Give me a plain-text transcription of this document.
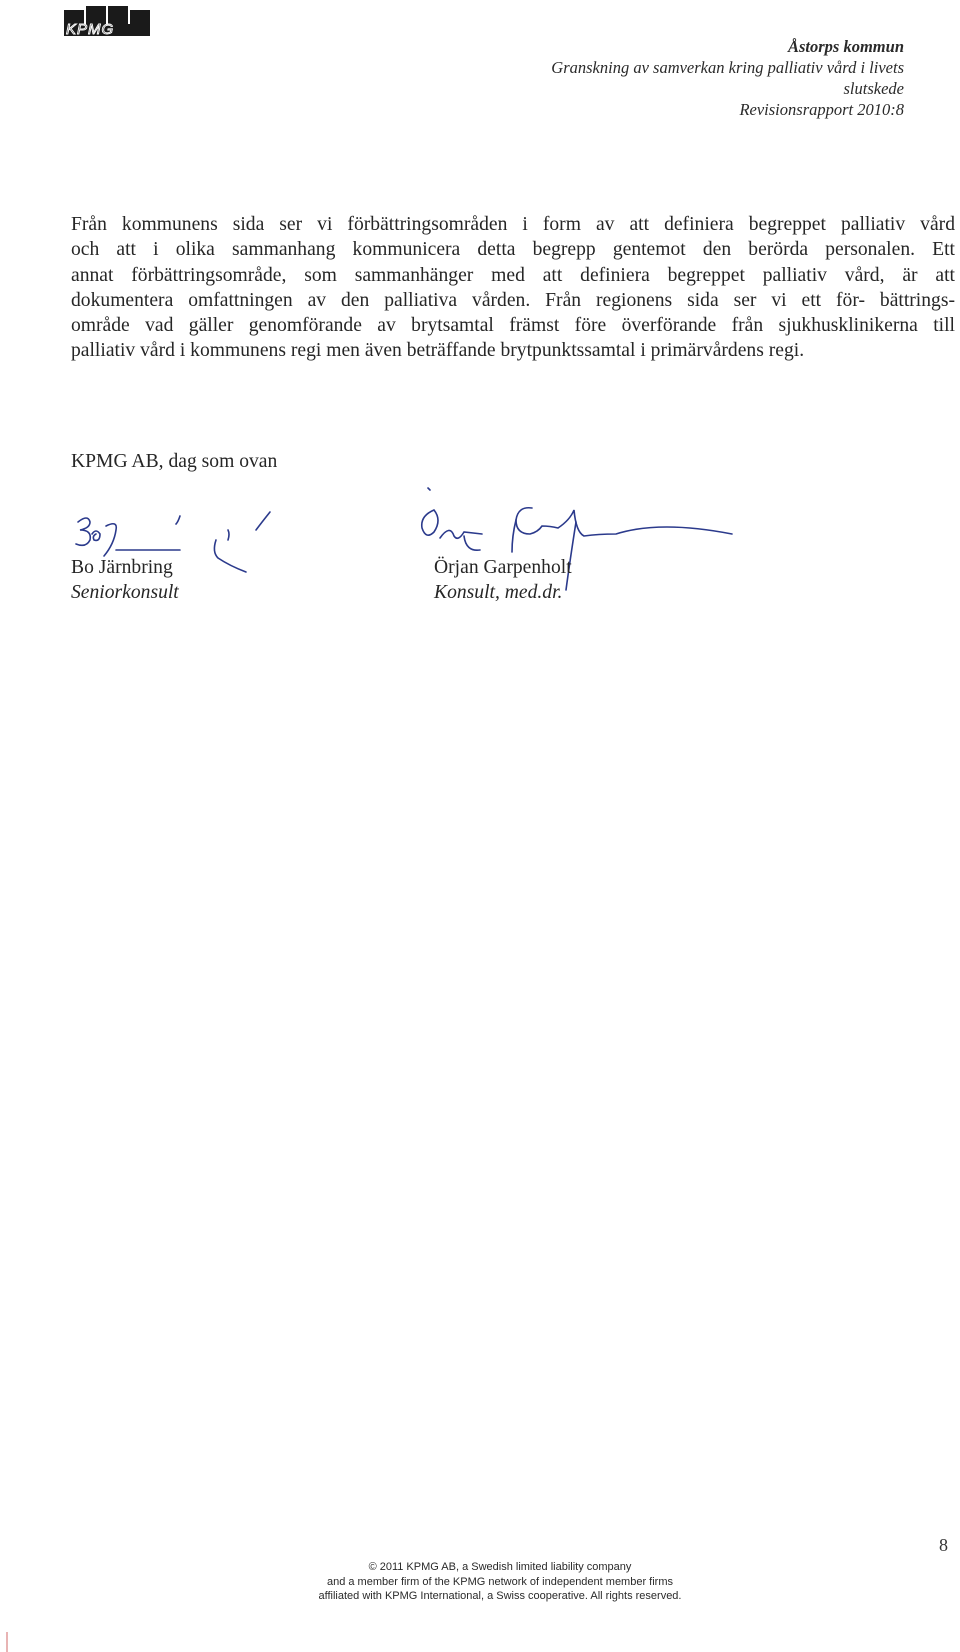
KPMG
Åstorps kommun
Granskning av samverkan kring palliativ vård i livets
slutskede
Revisionsrapport 2010:8
Från kommunens sida ser vi förbättringsområden i form av att definiera begreppet palliativ vård
och att i olika sammanhang kommunicera detta begrepp gentemot den berörda personalen. Ett
annat förbättringsområde, som sammanhänger med att definiera begreppet palliativ vård, är att
dokumentera omfattningen av den palliativa vården. Från regionens sida ser vi ett för- bättrings-
område vad gäller genomförande av brytsamtal främst före överförande från sjukhusklinikerna till
palliativ vård i kommunens regi men även beträffande brytpunktssamtal i primärvårdens regi.
KPMG AB, dag som ovan
Bo Järnbring
Seniorkonsult
Örjan Garpenholt
Konsult, med.dr.
8
© 2011 KPMG AB, a Swedish limited liability company
and a member firm of the KPMG network of independent member firms
affiliated with KPMG International, a Swiss cooperative. All rights reserved.
